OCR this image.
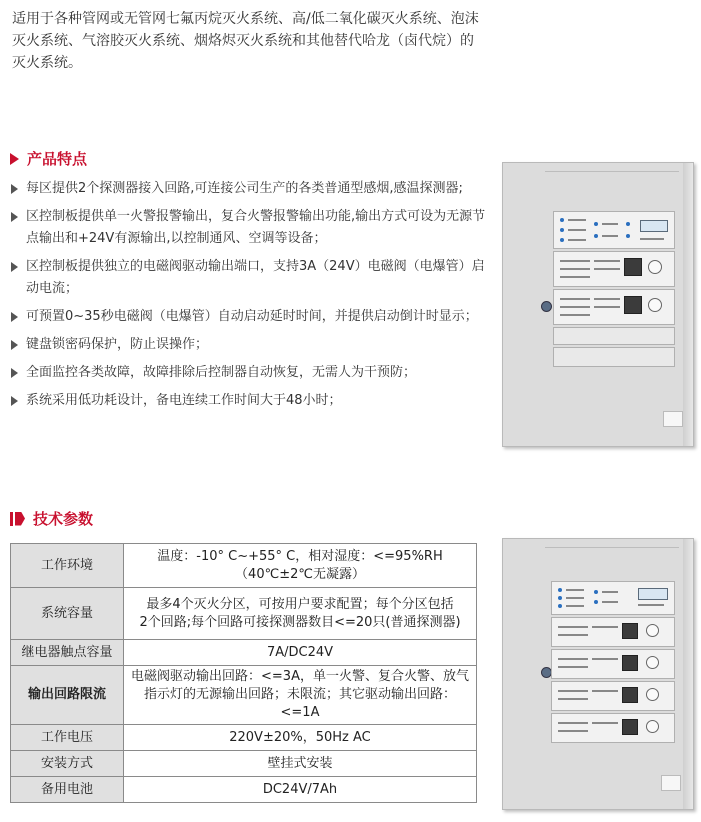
适用于各种管网或无管网七氟丙烷灭火系统、高/低二氧化碳灭火系统、泡沫

灭火系统、气溶胶灭火系统、烟烙烬灭火系统和其他替代哈龙（卤代烷）的

灭火系统。

产品特点
每区提供2个探测器接入回路,可连接公司生产的各类普通型感烟,感温探测器;
区控制板提供单一火警报警输出，复合火警报警输出功能,输出方式可设为无源节点输出和+24V有源输出,以控制通风、空调等设备；
区控制板提供独立的电磁阀驱动输出端口，支持3A（24V）电磁阀（电爆管）启动电流；
可预置0~35秒电磁阀（电爆管）自动启动延时时间，并提供启动倒计时显示；
键盘锁密码保护，防止误操作；
全面监控各类故障，故障排除后控制器自动恢复，无需人为干预防；
系统采用低功耗设计，备电连续工作时间大于48小时；
技术参数
工作环境	温度：-10° C~+55° C，相对湿度：<=95%RH
（40℃±2℃无凝露）

系统容量	最多4个灭火分区，可按用户要求配置；每个分区包括
2个回路;每个回路可接探测器数目<=20只(普通探测器)

继电器触点容量	7A/DC24V
输出回路限流	电磁阀驱动输出回路：<=3A，单一火警、复合火警、放气
指示灯的无源输出回路；未限流；其它驱动输出回路：<=1A

工作电压	220V±20%，50Hz AC
安装方式	壁挂式安装
备用电池	DC24V/7Ah
